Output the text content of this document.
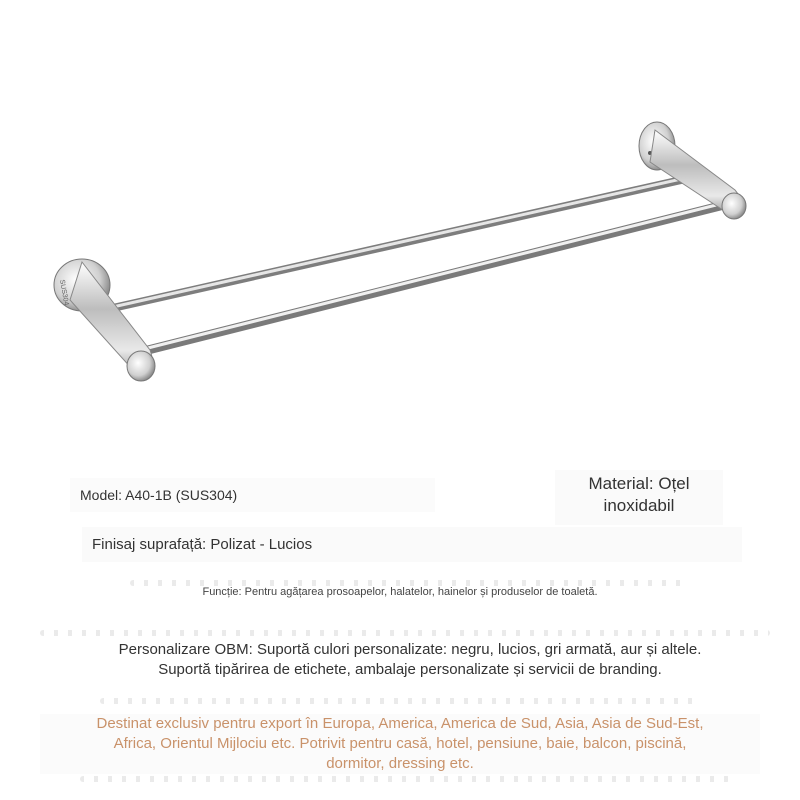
SUS304
Model: A40-1B (SUS304)
Material: Oțel
inoxidabil
Finisaj suprafață: Polizat - Lucios
Funcție: Pentru agățarea prosoapelor, halatelor, hainelor și produselor de toaletă.
Personalizare OBM: Suportă culori personalizate: negru, lucios, gri armată, aur și altele.
Suportă tipărirea de etichete, ambalaje personalizate și servicii de branding.
Destinat exclusiv pentru export în Europa, America, America de Sud, Asia, Asia de Sud-Est,
Africa, Orientul Mijlociu etc. Potrivit pentru casă, hotel, pensiune, baie, balcon, piscină,
dormitor, dressing etc.
